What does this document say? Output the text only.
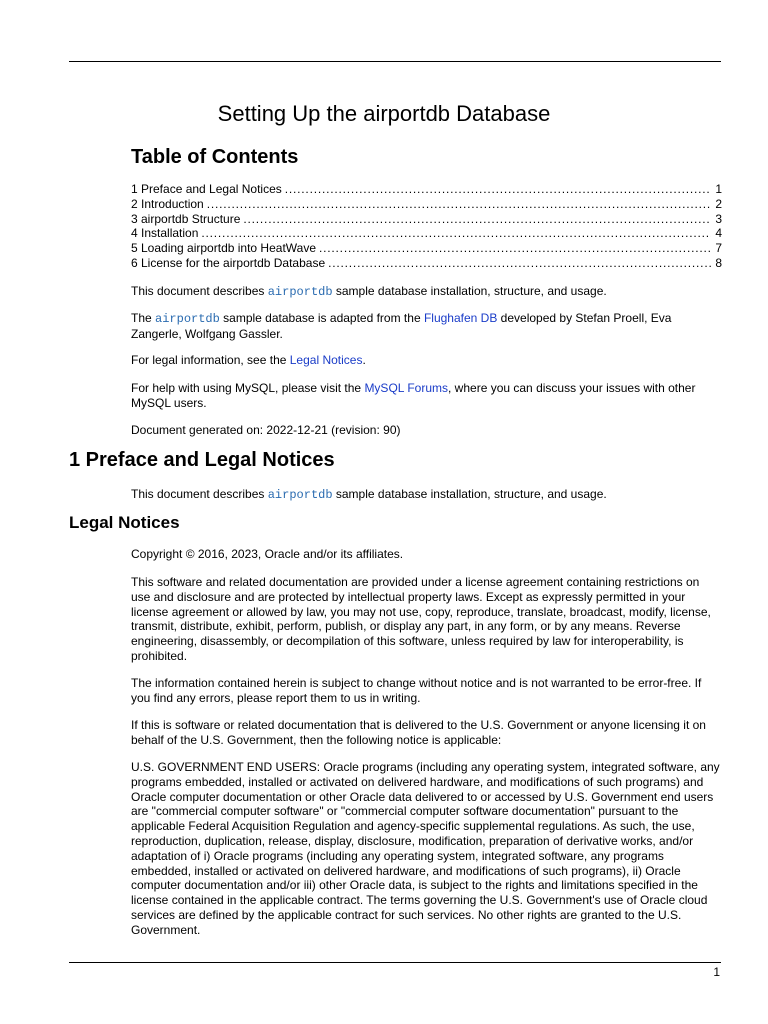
Setting Up the airportdb Database
Table of Contents
1 Preface and Legal Notices .....	1
2 Introduction .....	2
3 airportdb Structure .....	3
4 Installation .....	4
5 Loading airportdb into HeatWave .....	7
6 License for the airportdb Database .....	8

This document describes airportdb sample database installation, structure, and usage.

The airportdb sample database is adapted from the Flughafen DB developed by Stefan Proell, Eva Zangerle, Wolfgang Gassler.

For legal information, see the Legal Notices.

For help with using MySQL, please visit the MySQL Forums, where you can discuss your issues with other MySQL users.

Document generated on: 2022-12-21 (revision: 90)

1 Preface and Legal Notices

This document describes airportdb sample database installation, structure, and usage.

Legal Notices

Copyright © 2016, 2023, Oracle and/or its affiliates.

This software and related documentation are provided under a license agreement containing restrictions on use and disclosure and are protected by intellectual property laws. Except as expressly permitted in your license agreement or allowed by law, you may not use, copy, reproduce, translate, broadcast, modify, license, transmit, distribute, exhibit, perform, publish, or display any part, in any form, or by any means. Reverse engineering, disassembly, or decompilation of this software, unless required by law for interoperability, is prohibited.

The information contained herein is subject to change without notice and is not warranted to be error-free. If you find any errors, please report them to us in writing.

If this is software or related documentation that is delivered to the U.S. Government or anyone licensing it on behalf of the U.S. Government, then the following notice is applicable:

U.S. GOVERNMENT END USERS: Oracle programs (including any operating system, integrated software, any programs embedded, installed or activated on delivered hardware, and modifications of such programs) and Oracle computer documentation or other Oracle data delivered to or accessed by U.S. Government end users are "commercial computer software" or "commercial computer software documentation" pursuant to the applicable Federal Acquisition Regulation and agency-specific supplemental regulations. As such, the use, reproduction, duplication, release, display, disclosure, modification, preparation of derivative works, and/or adaptation of i) Oracle programs (including any operating system, integrated software, any programs embedded, installed or activated on delivered hardware, and modifications of such programs), ii) Oracle computer documentation and/or iii) other Oracle data, is subject to the rights and limitations specified in the license contained in the applicable contract. The terms governing the U.S. Government's use of Oracle cloud services are defined by the applicable contract for such services. No other rights are granted to the U.S. Government.

1
